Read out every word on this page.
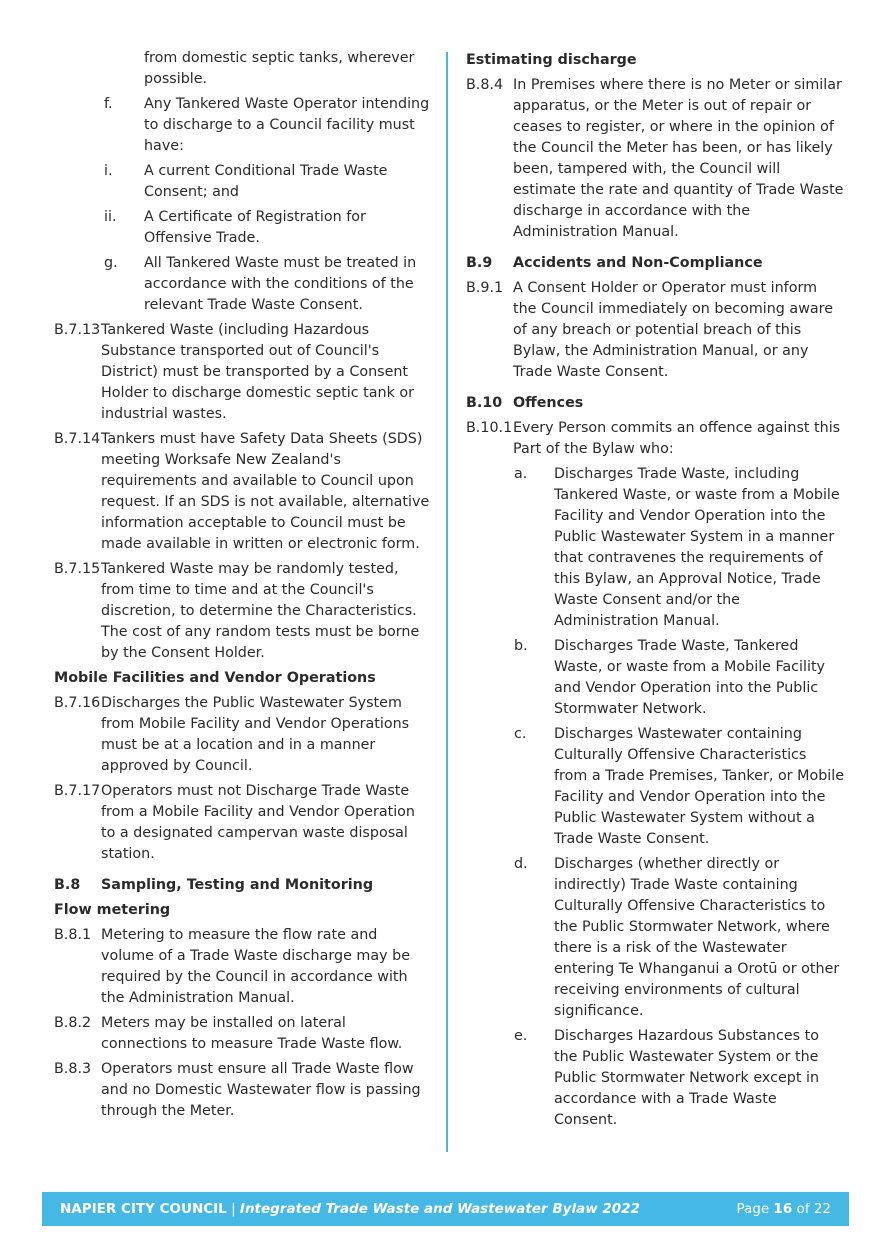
from domestic septic tanks, wherever possible.
f.	Any Tankered Waste Operator intending to discharge to a Council facility must have:
i.	A current Conditional Trade Waste Consent; and
ii.	A Certificate of Registration for Offensive Trade.
g.	All Tankered Waste must be treated in accordance with the conditions of the relevant Trade Waste Consent.
B.7.13 Tankered Waste (including Hazardous Substance transported out of Council's District) must be transported by a Consent Holder to discharge domestic septic tank or industrial wastes.
B.7.14 Tankers must have Safety Data Sheets (SDS) meeting Worksafe New Zealand's requirements and available to Council upon request. If an SDS is not available, alternative information acceptable to Council must be made available in written or electronic form.
B.7.15 Tankered Waste may be randomly tested, from time to time and at the Council's discretion, to determine the Characteristics. The cost of any random tests must be borne by the Consent Holder.
Mobile Facilities and Vendor Operations
B.7.16 Discharges the Public Wastewater System from Mobile Facility and Vendor Operations must be at a location and in a manner approved by Council.
B.7.17 Operators must not Discharge Trade Waste from a Mobile Facility and Vendor Operation to a designated campervan waste disposal station.
B.8	Sampling, Testing and Monitoring
Flow metering
B.8.1 Metering to measure the flow rate and volume of a Trade Waste discharge may be required by the Council in accordance with the Administration Manual.
B.8.2 Meters may be installed on lateral connections to measure Trade Waste flow.
B.8.3 Operators must ensure all Trade Waste flow and no Domestic Wastewater flow is passing through the Meter.
Estimating discharge
B.8.4 In Premises where there is no Meter or similar apparatus, or the Meter is out of repair or ceases to register, or where in the opinion of the Council the Meter has been, or has likely been, tampered with, the Council will estimate the rate and quantity of Trade Waste discharge in accordance with the Administration Manual.
B.9	Accidents and Non-Compliance
B.9.1 A Consent Holder or Operator must inform the Council immediately on becoming aware of any breach or potential breach of this Bylaw, the Administration Manual, or any Trade Waste Consent.
B.10 Offences
B.10.1 Every Person commits an offence against this Part of the Bylaw who:
a.	Discharges Trade Waste, including Tankered Waste, or waste from a Mobile Facility and Vendor Operation into the Public Wastewater System in a manner that contravenes the requirements of this Bylaw, an Approval Notice, Trade Waste Consent and/or the Administration Manual.
b.	Discharges Trade Waste, Tankered Waste, or waste from a Mobile Facility and Vendor Operation into the Public Stormwater Network.
c.	Discharges Wastewater containing Culturally Offensive Characteristics from a Trade Premises, Tanker, or Mobile Facility and Vendor Operation into the Public Wastewater System without a Trade Waste Consent.
d.	Discharges (whether directly or indirectly) Trade Waste containing Culturally Offensive Characteristics to the Public Stormwater Network, where there is a risk of the Wastewater entering Te Whanganui a Orotū or other receiving environments of cultural significance.
e.	Discharges Hazardous Substances to the Public Wastewater System or the Public Stormwater Network except in accordance with a Trade Waste Consent.
NAPIER CITY COUNCIL | Integrated Trade Waste and Wastewater Bylaw 2022	Page 16 of 22
